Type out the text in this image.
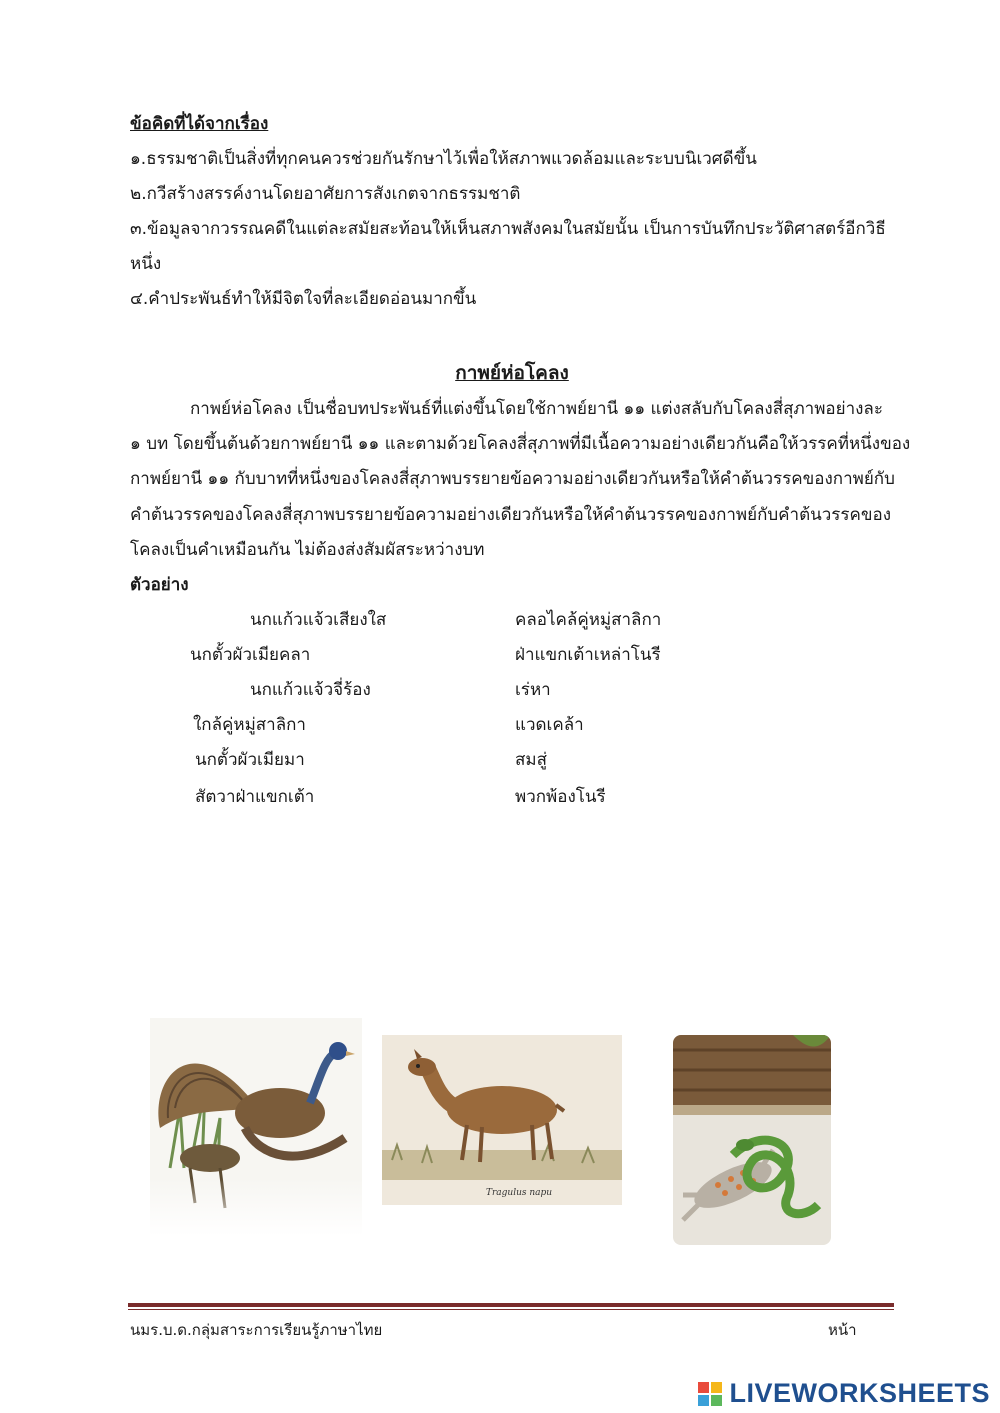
ข้อคิดที่ได้จากเรื่อง
๑.ธรรมชาติเป็นสิ่งที่ทุกคนควรช่วยกันรักษาไว้เพื่อให้สภาพแวดล้อมและระบบนิเวศดีขึ้น
๒.กวีสร้างสรรค์งานโดยอาศัยการสังเกตจากธรรมชาติ
๓.ข้อมูลจากวรรณคดีในแต่ละสมัยสะท้อนให้เห็นสภาพสังคมในสมัยนั้น เป็นการบันทึกประวัติศาสตร์อีกวิธี
หนึ่ง
๔.คำประพันธ์ทำให้มีจิตใจที่ละเอียดอ่อนมากขึ้น
กาพย์ห่อโคลง
กาพย์ห่อโคลง เป็นชื่อบทประพันธ์ที่แต่งขึ้นโดยใช้กาพย์ยานี ๑๑ แต่งสลับกับโคลงสี่สุภาพอย่างละ
๑ บท โดยขึ้นต้นด้วยกาพย์ยานี ๑๑ และตามด้วยโคลงสี่สุภาพที่มีเนื้อความอย่างเดียวกันคือให้วรรคที่หนึ่งของ
กาพย์ยานี ๑๑ กับบาทที่หนึ่งของโคลงสี่สุภาพบรรยายข้อความอย่างเดียวกันหรือให้คำต้นวรรคของกาพย์กับ
คำต้นวรรคของโคลงสี่สุภาพบรรยายข้อความอย่างเดียวกันหรือให้คำต้นวรรคของกาพย์กับคำต้นวรรคของ
โคลงเป็นคำเหมือนกัน ไม่ต้องส่งสัมผัสระหว่างบท
ตัวอย่าง
นกแก้วแจ้วเสียงใส	คลอไคล้คู่หมู่สาลิกา
นกตั้วผัวเมียคลา	ฝ่าแขกเต้าเหล่าโนรี
นกแก้วแจ้วจี่ร้อง	เร่หา
ใกล้คู่หมู่สาลิกา	แวดเคล้า
นกตั้วผัวเมียมา	สมสู่
สัตวาฝ่าแขกเต้า	พวกพ้องโนรี
Tragulus napu
นมร.บ.ด.กลุ่มสาระการเรียนรู้ภาษาไทย	หน้า
LIVEWORKSHEETS
